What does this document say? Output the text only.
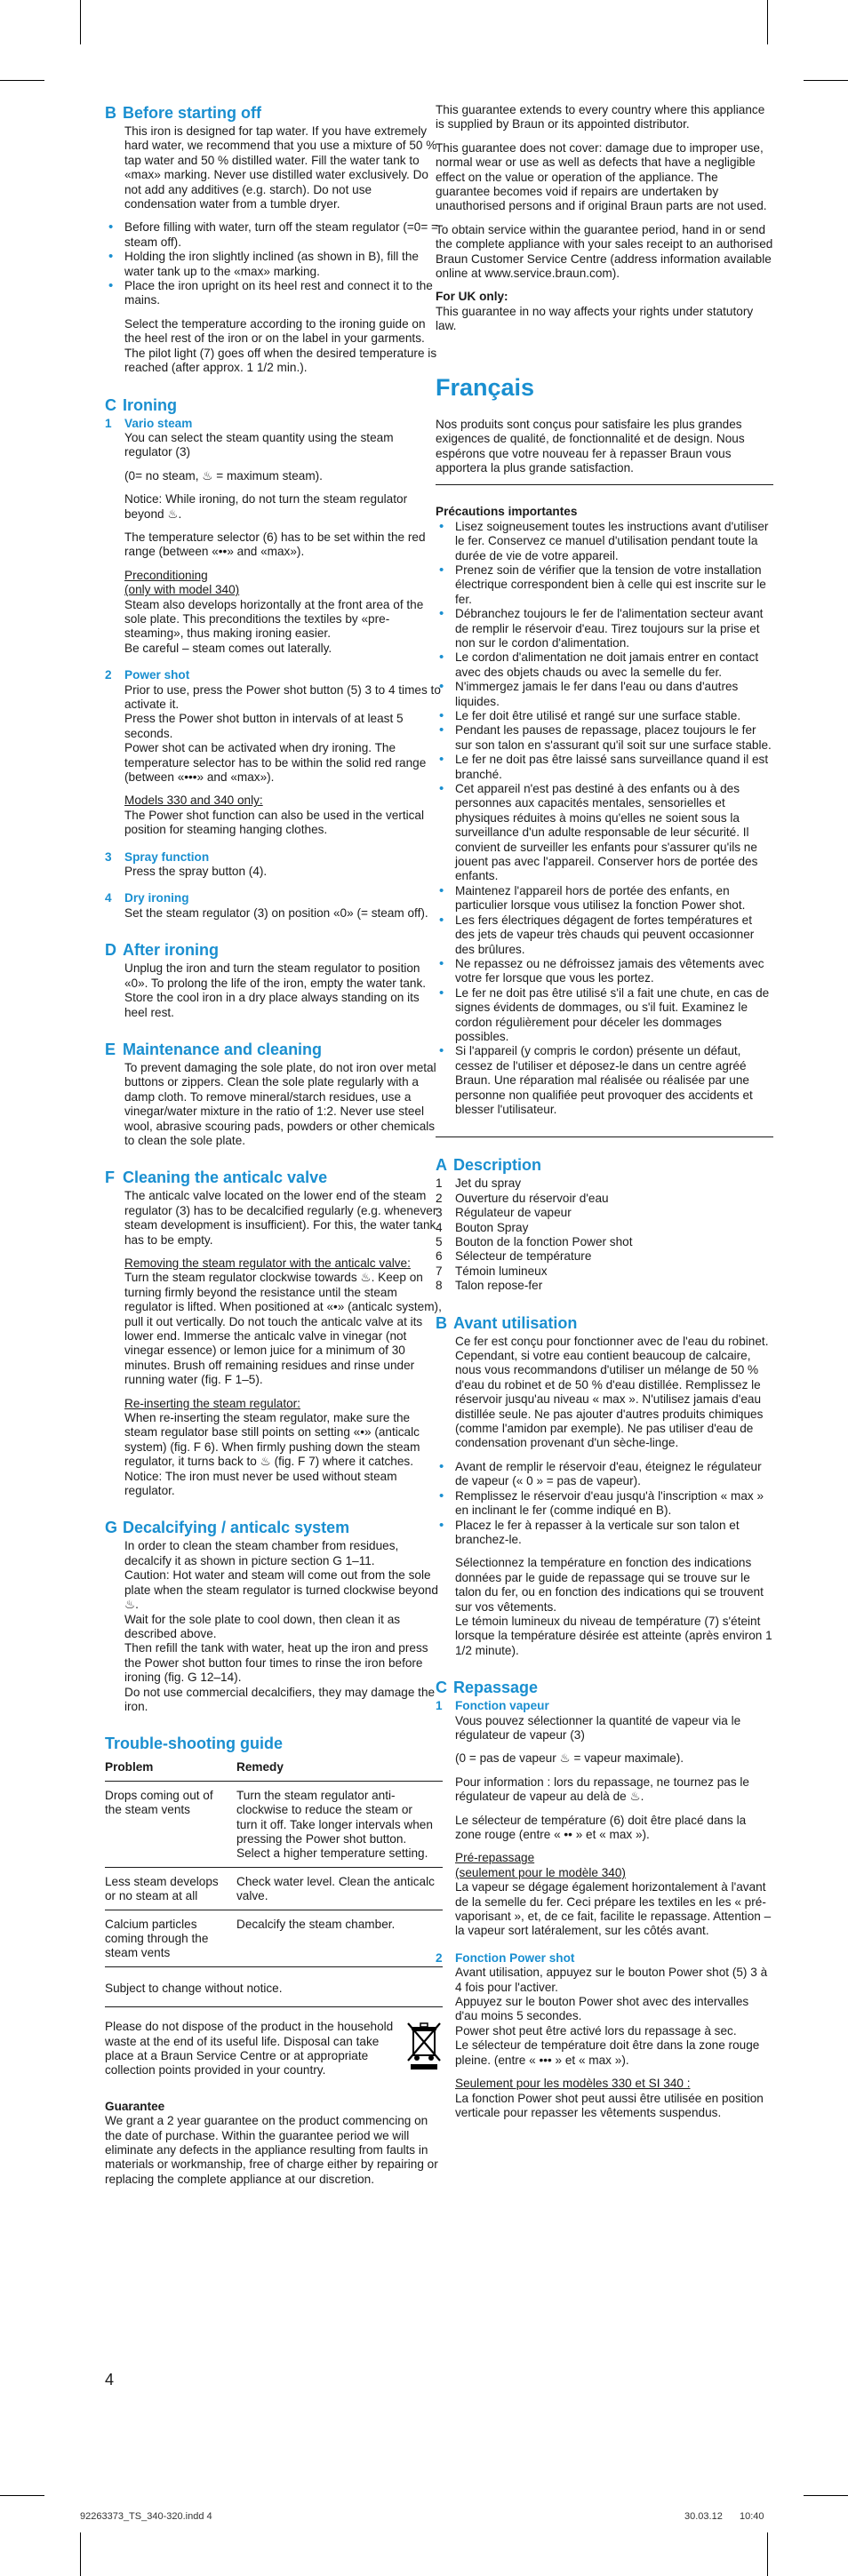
B Before starting off

This iron is designed for tap water. If you have extremely hard water, we recommend that you use a mixture of 50 % tap water and 50 % distilled water. Fill the water tank to «max» marking. Never use distilled water exclusively. Do not add any additives (e.g. starch). Do not use condensation water from a tumble dryer.

• Before filling with water, turn off the steam regulator (=0= = steam off).
• Holding the iron slightly inclined (as shown in B), fill the water tank up to the «max» marking.
• Place the iron upright on its heel rest and connect it to the mains.

Select the temperature according to the ironing guide on the heel rest of the iron or on the label in your garments.

The pilot light (7) goes off when the desired temperature is reached (after approx. 1 1/2 min.).

C Ironing
1 Vario steam

You can select the steam quantity using the steam regulator (3)

(0= no steam, ♨ = maximum steam).

Notice: While ironing, do not turn the steam regulator beyond ♨.

The temperature selector (6) has to be set within the red range (between «••» and «max»).

Preconditioning
(only with model 340)
Steam also develops horizontally at the front area of the sole plate. This preconditions the textiles by «pre-steaming», thus making ironing easier.

Be careful – steam comes out laterally.

2 Power shot
Prior to use, press the Power shot button (5) 3 to 4 times to activate it.
Press the Power shot button in intervals of at least 5 seconds.

Power shot can be activated when dry ironing. The temperature selector has to be within the solid red range (between «•••» and «max»).

Models 330 and 340 only:

The Power shot function can also be used in the vertical position for steaming hanging clothes.

3 Spray function

Press the spray button (4).

4 Dry ironing

Set the steam regulator (3) on position «0» (= steam off).

D After ironing

Unplug the iron and turn the steam regulator to position «0». To prolong the life of the iron, empty the water tank. Store the cool iron in a dry place always standing on its heel rest.

E Maintenance and cleaning

To prevent damaging the sole plate, do not iron over metal buttons or zippers. Clean the sole plate regularly with a damp cloth. To remove mineral/starch residues, use a vinegar/water mixture in the ratio of 1:2. Never use steel wool, abrasive scouring pads, powders or other chemicals to clean the sole plate.

F Cleaning the anticalc valve

The anticalc valve located on the lower end of the steam regulator (3) has to be decalcified regularly (e.g. whenever steam development is insufficient). For this, the water tank has to be empty.

Removing the steam regulator with the anticalc valve:

Turn the steam regulator clockwise towards ♨. Keep on turning firmly beyond the resistance until the steam regulator is lifted. When positioned at «•» (anticalc system), pull it out vertically. Do not touch the anticalc valve at its lower end. Immerse the anticalc valve in vinegar (not vinegar essence) or lemon juice for a minimum of 30 minutes. Brush off remaining residues and rinse under running water (fig. F 1–5).

Re-inserting the steam regulator:
When re-inserting the steam regulator, make sure the steam regulator base still points on setting «•» (anticalc system) (fig. F 6). When firmly pushing down the steam regulator, it turns back to ♨ (fig. F 7) where it catches.

Notice: The iron must never be used without steam regulator.

G Decalcifying / anticalc system
In order to clean the steam chamber from residues, decalcify it as shown in picture section G 1–11.
Caution: Hot water and steam will come out from the sole plate when the steam regulator is turned clockwise beyond ♨.
Wait for the sole plate to cool down, then clean it as described above.
Then refill the tank with water, heat up the iron and press the Power shot button four times to rinse the iron before ironing (fig. G 12–14).

Do not use commercial decalcifiers, they may damage the iron.

Trouble-shooting guide
Problem	Remedy
Drops coming out of the steam vents	Turn the steam regulator anti-clockwise to reduce the steam or turn it off. Take longer intervals when pressing the Power shot button. Select a higher temperature setting.
Less steam develops or no steam at all	Check water level. Clean the anticalc valve.
Calcium particles coming through the steam vents	Decalcify the steam chamber.

Subject to change without notice.

Please do not dispose of the product in the household waste at the end of its useful life. Disposal can take place at a Braun Service Centre or at appropriate collection points provided in your country.

Guarantee

We grant a 2 year guarantee on the product commencing on the date of purchase. Within the guarantee period we will eliminate any defects in the appliance resulting from faults in materials or workmanship, free of charge either by repairing or replacing the complete appliance at our discretion.

This guarantee extends to every country where this appliance is supplied by Braun or its appointed distributor.

This guarantee does not cover: damage due to improper use, normal wear or use as well as defects that have a negligible effect on the value or operation of the appliance. The guarantee becomes void if repairs are undertaken by unauthorised persons and if original Braun parts are not used.

To obtain service within the guarantee period, hand in or send the complete appliance with your sales receipt to an authorised Braun Customer Service Centre (address information available online at www.service.braun.com).

For UK only:

This guarantee in no way affects your rights under statutory law.

Français

Nos produits sont conçus pour satisfaire les plus grandes exigences de qualité, de fonctionnalité et de design. Nous espérons que votre nouveau fer à repasser Braun vous apportera la plus grande satisfaction.

Précautions importantes
• Lisez soigneusement toutes les instructions avant d'utiliser le fer. Conservez ce manuel d'utilisation pendant toute la durée de vie de votre appareil.
• Prenez soin de vérifier que la tension de votre installation électrique correspondent bien à celle qui est inscrite sur le fer.
• Débranchez toujours le fer de l'alimentation secteur avant de remplir le réservoir d'eau. Tirez toujours sur la prise et non sur le cordon d'alimentation.
• Le cordon d'alimentation ne doit jamais entrer en contact avec des objets chauds ou avec la semelle du fer.
• N'immergez jamais le fer dans l'eau ou dans d'autres liquides.
• Le fer doit être utilisé et rangé sur une surface stable.
• Pendant les pauses de repassage, placez toujours le fer sur son talon en s'assurant qu'il soit sur une surface stable.
• Le fer ne doit pas être laissé sans surveillance quand il est branché.
• Cet appareil n'est pas destiné à des enfants ou à des personnes aux capacités mentales, sensorielles et physiques réduites à moins qu'elles ne soient sous la surveillance d'un adulte responsable de leur sécurité. Il convient de surveiller les enfants pour s'assurer qu'ils ne jouent pas avec l'appareil. Conserver hors de portée des enfants.
• Maintenez l'appareil hors de portée des enfants, en particulier lorsque vous utilisez la fonction Power shot.
• Les fers électriques dégagent de fortes températures et des jets de vapeur très chauds qui peuvent occasionner des brûlures.
• Ne repassez ou ne défroissez jamais des vêtements avec votre fer lorsque que vous les portez.
• Le fer ne doit pas être utilisé s'il a fait une chute, en cas de signes évidents de dommages, ou s'il fuit. Examinez le cordon régulièrement pour déceler les dommages possibles.
• Si l'appareil (y compris le cordon) présente un défaut, cessez de l'utiliser et déposez-le dans un centre agréé Braun. Une réparation mal réalisée ou réalisée par une personne non qualifiée peut provoquer des accidents et blesser l'utilisateur.
A Description
1 Jet du spray
2 Ouverture du réservoir d'eau
3 Régulateur de vapeur
4 Bouton Spray
5 Bouton de la fonction Power shot
6 Sélecteur de température
7 Témoin lumineux
8 Talon repose-fer
B Avant utilisation

Ce fer est conçu pour fonctionner avec de l'eau du robinet. Cependant, si votre eau contient beaucoup de calcaire, nous vous recommandons d'utiliser un mélange de 50 % d'eau du robinet et de 50 % d'eau distillée. Remplissez le réservoir jusqu'au niveau « max ». N'utilisez jamais d'eau distillée seule. Ne pas ajouter d'autres produits chimiques (comme l'amidon par exemple). Ne pas utiliser d'eau de condensation provenant d'un sèche-linge.

• Avant de remplir le réservoir d'eau, éteignez le régulateur de vapeur (« 0 » = pas de vapeur).
• Remplissez le réservoir d'eau jusqu'à l'inscription « max » en inclinant le fer (comme indiqué en B).
• Placez le fer à repasser à la verticale sur son talon et branchez-le.
Sélectionnez la température en fonction des indications données par le guide de repassage qui se trouve sur le talon du fer, ou en fonction des indications qui se trouvent sur vos vêtements.

Le témoin lumineux du niveau de température (7) s'éteint lorsque la température désirée est atteinte (après environ 1 1/2 minute).

C Repassage
1 Fonction vapeur

Vous pouvez sélectionner la quantité de vapeur via le régulateur de vapeur (3)

(0 = pas de vapeur ♨ = vapeur maximale).

Pour information : lors du repassage, ne tournez pas le régulateur de vapeur au delà de ♨.

Le sélecteur de température (6) doit être placé dans la zone rouge (entre « •• » et « max »).

Pré-repassage
(seulement pour le modèle 340)

La vapeur se dégage également horizontalement à l'avant de la semelle du fer. Ceci prépare les textiles en les « pré-vaporisant », et, de ce fait, facilite le repassage. Attention – la vapeur sort latéralement, sur les côtés avant.

2 Fonction Power shot
Avant utilisation, appuyez sur le bouton Power shot (5) 3 à 4 fois pour l'activer.
Appuyez sur le bouton Power shot avec des intervalles d'au moins 5 secondes.
Power shot peut être activé lors du repassage à sec.

Le sélecteur de température doit être dans la zone rouge pleine. (entre « ••• » et « max »).

Seulement pour les modèles 330 et SI 340 :

La fonction Power shot peut aussi être utilisée en position verticale pour repasser les vêtements suspendus.

4
92263373_TS_340-320.indd 4	30.03.12 10:40
